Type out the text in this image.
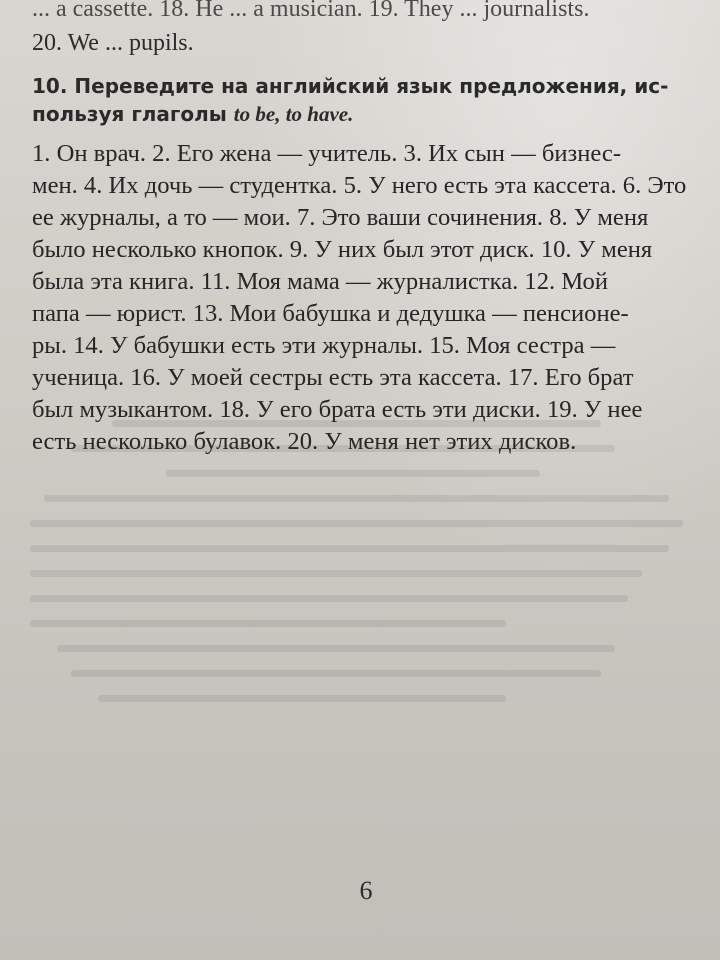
... a cassette. 18. He ... a musician. 19. They ... journalists.
20. We ... pupils.
10. Переведите на английский язык предложения, ис-
пользуя глаголы to be, to have.
1. Он врач. 2. Его жена — учитель. 3. Их сын — бизнес-
мен. 4. Их дочь — студентка. 5. У него есть эта кассета. 6. Это
ее журналы, а то — мои. 7. Это ваши сочинения. 8. У меня
было несколько кнопок. 9. У них был этот диск. 10. У меня
была эта книга. 11. Моя мама — журналистка. 12. Мой
папа — юрист. 13. Мои бабушка и дедушка — пенсионе-
ры. 14. У бабушки есть эти журналы. 15. Моя сестра —
ученица. 16. У моей сестры есть эта кассета. 17. Его брат
был музыкантом. 18. У его брата есть эти диски. 19. У нее
есть несколько булавок. 20. У меня нет этих дисков.
6
